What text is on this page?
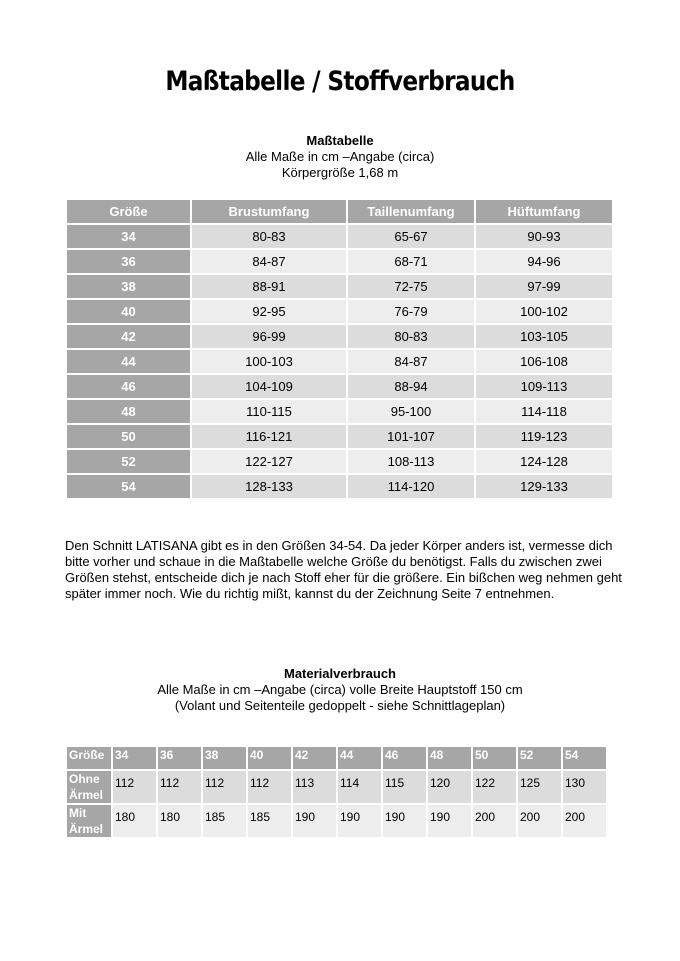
Maßtabelle / Stoffverbrauch
Maßtabelle
Alle Maße in cm –Angabe (circa)
Körpergröße 1,68 m
Größe	Brustumfang	Taillenumfang	Hüftumfang
34	80-83	65-67	90-93
36	84-87	68-71	94-96
38	88-91	72-75	97-99
40	92-95	76-79	100-102
42	96-99	80-83	103-105
44	100-103	84-87	106-108
46	104-109	88-94	109-113
48	110-115	95-100	114-118
50	116-121	101-107	119-123
52	122-127	108-113	124-128
54	128-133	114-120	129-133
Den Schnitt LATISANA gibt es in den Größen 34-54. Da jeder Körper anders ist, vermesse dich bitte vorher und schaue in die Maßtabelle welche Größe du benötigst. Falls du zwischen zwei Größen stehst, entscheide dich je nach Stoff eher für die größere. Ein bißchen weg nehmen geht später immer noch. Wie du richtig mißt, kannst du der Zeichnung Seite 7 entnehmen.
Materialverbrauch
Alle Maße in cm –Angabe (circa) volle Breite Hauptstoff 150 cm
(Volant und Seitenteile gedoppelt - siehe Schnittlageplan)
Größe	34	36	38	40	42	44	46	48	50	52	54
Ohne
Ärmel	112	112	112	112	113	114	115	120	122	125	130
Mit
Ärmel	180	180	185	185	190	190	190	190	200	200	200
